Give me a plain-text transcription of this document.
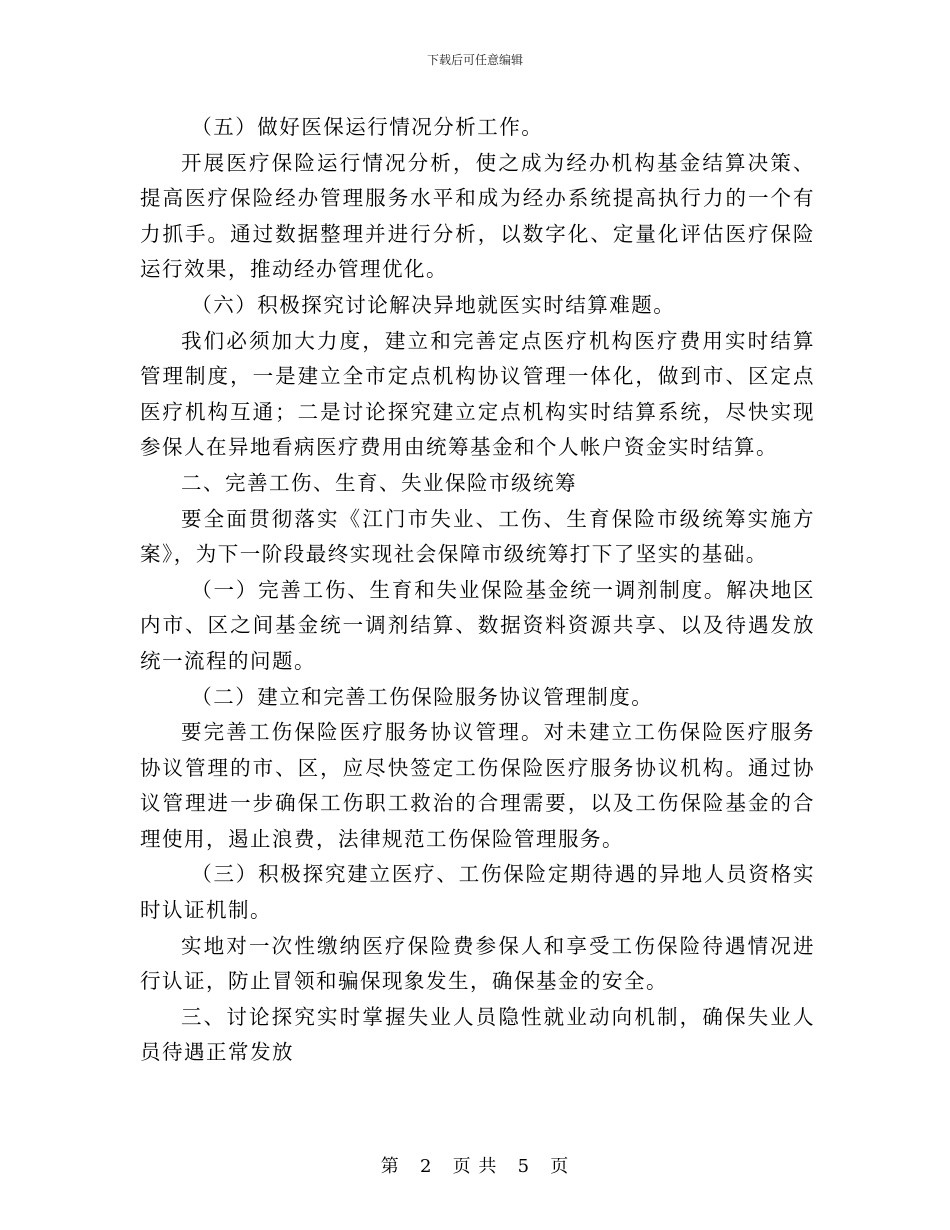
下载后可任意编辑

（五）做好医保运行情况分析工作。

开展医疗保险运行情况分析，使之成为经办机构基金结算决策、提高医疗保险经办管理服务水平和成为经办系统提高执行力的一个有力抓手。通过数据整理并进行分析，以数字化、定量化评估医疗保险运行效果，推动经办管理优化。

（六）积极探究讨论解决异地就医实时结算难题。

我们必须加大力度，建立和完善定点医疗机构医疗费用实时结算管理制度，一是建立全市定点机构协议管理一体化，做到市、区定点医疗机构互通；二是讨论探究建立定点机构实时结算系统，尽快实现参保人在异地看病医疗费用由统筹基金和个人帐户资金实时结算。

二、完善工伤、生育、失业保险市级统筹

要全面贯彻落实《江门市失业、工伤、生育保险市级统筹实施方案》，为下一阶段最终实现社会保障市级统筹打下了坚实的基础。

（一）完善工伤、生育和失业保险基金统一调剂制度。解决地区内市、区之间基金统一调剂结算、数据资料资源共享、以及待遇发放统一流程的问题。

（二）建立和完善工伤保险服务协议管理制度。

要完善工伤保险医疗服务协议管理。对未建立工伤保险医疗服务协议管理的市、区，应尽快签定工伤保险医疗服务协议机构。通过协议管理进一步确保工伤职工救治的合理需要，以及工伤保险基金的合理使用，遏止浪费，法律规范工伤保险管理服务。

（三）积极探究建立医疗、工伤保险定期待遇的异地人员资格实时认证机制。

实地对一次性缴纳医疗保险费参保人和享受工伤保险待遇情况进行认证，防止冒领和骗保现象发生，确保基金的安全。

三、讨论探究实时掌握失业人员隐性就业动向机制，确保失业人员待遇正常发放

第 2 页 共 5 页
